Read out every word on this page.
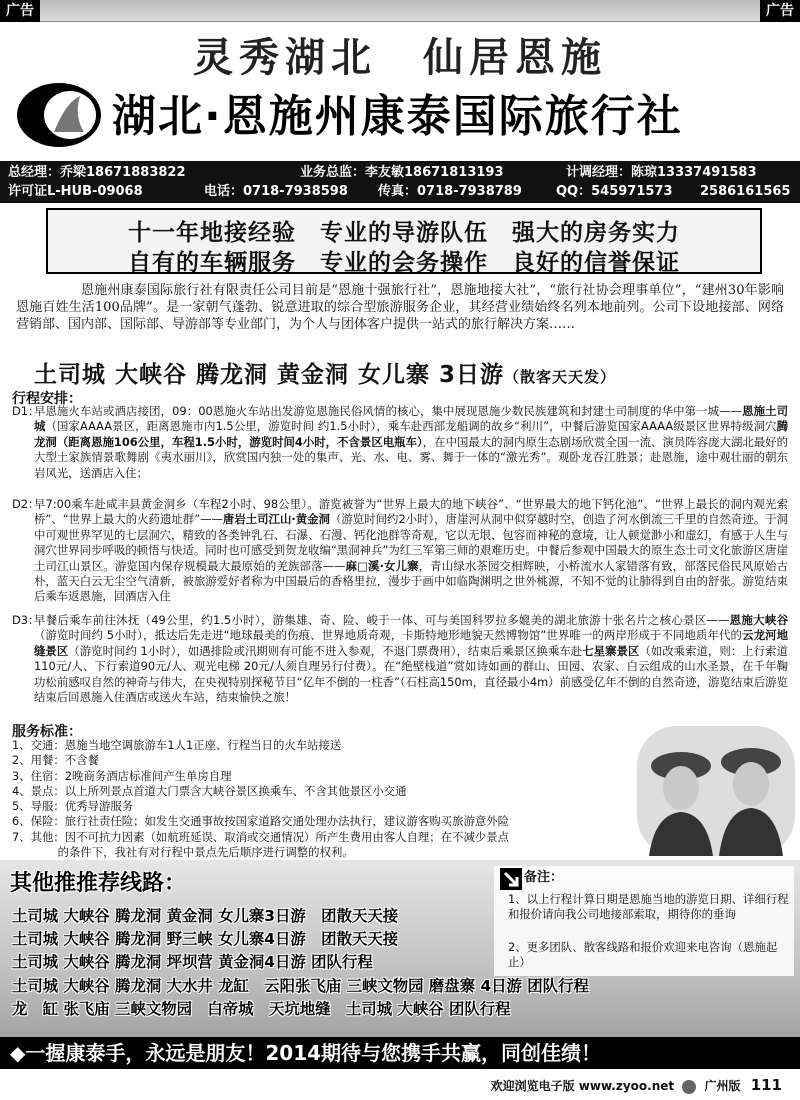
广告	广告
灵秀湖北　仙居恩施
湖北·恩施州康泰国际旅行社
总经理：乔梁18671883822	业务总监：李友敏18671813193	计调经理：陈琼13337491583
许可证L-HUB-09068	电话：0718-7938598 传真：0718-7938789	QQ：545971573 2586161565
十一年地接经验　专业的导游队伍　强大的房务实力
自有的车辆服务　专业的会务操作　良好的信誉保证

恩施州康泰国际旅行社有限责任公司目前是“恩施十强旅行社”，恩施地接大社”，“旅行社协会理事单位”，“建州30年影响恩施百姓生活100品牌”。是一家朝气蓬勃、锐意进取的综合型旅游服务企业，其经营业绩始终名列本地前列。公司下设地接部、网络营销部、国内部、国际部、导游部等专业部门，为个人与团体客户提供一站式的旅行解决方案……

土司城 大峡谷 腾龙洞 黄金洞 女儿寨 3日游（散客天天发）
行程安排：
D1：
早恩施火车站或酒店接团，09：00恩施火车站出发游览恩施民俗风情的核心，集中展现恩施少数民族建筑和封建土司制度的华中第一城——恩施土司城（国家AAAA景区，距离恩施市内1.5公里，游览时间 约1.5小时），乘车赴西部龙船调的故乡“利川”，中餐后游览国家AAAA级景区世界特级洞穴腾龙洞（距离恩施106公里，车程1.5小时，游览时间4小时，不含景区电瓶车），在中国最大的洞内原生态剧场欣赏全国一流、演员阵容庞大湖北最好的大型土家族情景歌舞剧《夷水丽川》，欣赏国内独一处的集声、光、水、电、雾、舞于一体的“激光秀”。观卧龙吞江胜景；赴恩施，途中观壮丽的朝东岩风光，送酒店入住；
D2：
早7:00乘车赴咸丰县黄金洞乡（车程2小时、98公里）。游览被誉为“世界上最大的地下峡谷”、“世界最大的地下钙化池”、“世界上最长的洞内观光索桥”、“世界上最大的火药遗址群”——唐岩土司江山·黄金洞（游览时间约2小时），唐崖河从洞中似穿越时空，创造了河水倒流三千里的自然奇迹。于洞中可观世界罕见的七层洞穴，精致的各类钟乳石、石瀑、石漫、钙化池群等奇观，它以无垠、包容而神秘的意境，让人顿觉渺小和虚幻，有感于人生与洞穴世界同步呼吸的顿悟与快适。同时也可感受到贺龙收编“黑洞神兵”为红三军第三师的艰难历史。中餐后参观中国最大的原生态土司文化旅游区唐崖土司江山景区。游览国内保存规模最大最原始的羌族部落——麻□溪·女儿寨，青山绿水茶园交相辉映，小桥流水人家错落有致，部落民俗民风原始古朴，蓝天白云无尘空气清新，被旅游爱好者称为中国最后的香格里拉，漫步于画中如临陶渊明之世外桃源，不知不觉的让肺得到自由的舒张。游览结束后乘车返恩施，回酒店入住
D3：
早餐后乘车前往沐抚（49公里，约1.5小时），游集雄、奇、险、峻于一体、可与美国科罗拉多媲美的湖北旅游十张名片之核心景区——恩施大峡谷（游览时间约 5小时），抵达后先走进“地球最美的伤痕、世界地质奇观，卡斯特地形地貌天然博物馆”世界唯一的两岸形成于不同地质年代的云龙河地缝景区（游览时间约 1小时），如遇排险或汛期则有可能不进入参观，不退门票费用），结束后乘景区换乘车赴七星寨景区（如改乘索道，则：上行索道110元/人、下行索道90元/人、观光电梯 20元/人须自理另行付费）。在“绝壁栈道”赏如诗如画的群山、田园、农家、白云组成的山水圣景，在千年鞠功松前感叹自然的神奇与伟大，在央视特别探秘节目“亿年不倒的一柱香”（石柱高150m，直径最小4m）前感受亿年不倒的自然奇迹，游览结束后游览结束后回恩施入住酒店或送火车站，结束愉快之旅！
服务标准：
1、交通：恩施当地空调旅游车1人1正座、行程当日的火车站接送
2、用餐：不含餐
3、住宿：2晚商务酒店标准间产生单房自理
4、景点：以上所列景点首道大门票含大峡谷景区换乘车、不含其他景区小交通
5、导服：优秀导游服务
6、保险：旅行社责任险；如发生交通事故按国家道路交通处理办法执行，建议游客购买旅游意外险
7、其他：因不可抗力因素（如航班延误、取消或交通情况）所产生费用由客人自理；在不减少景点
　　　　的条件下，我社有对行程中景点先后顺序进行调整的权利。
其他推推荐线路：
土司城 大峡谷 腾龙洞 黄金洞 女儿寨3日游　团散天天接
土司城 大峡谷 腾龙洞 野三峡 女儿寨4日游　团散天天接
土司城 大峡谷 腾龙洞 坪坝营 黄金洞4日游 团队行程
土司城 大峡谷 腾龙洞 大水井 龙缸　云阳张飞庙 三峡文物园 磨盘寨 4日游 团队行程
龙　缸 张飞庙 三峡文物园　白帝城　天坑地缝　土司城 大峡谷 团队行程
备注：
1、以上行程计算日期是恩施当地的游览日期、详细行程和报价请向我公司地接部索取，期待你的垂询
2、更多团队、散客线路和报价欢迎来电咨询（恩施起止）
◆一握康泰手，永远是朋友！2014期待与您携手共赢，同创佳绩！
欢迎浏览电子版 www.zyoo.net	广州版 111
